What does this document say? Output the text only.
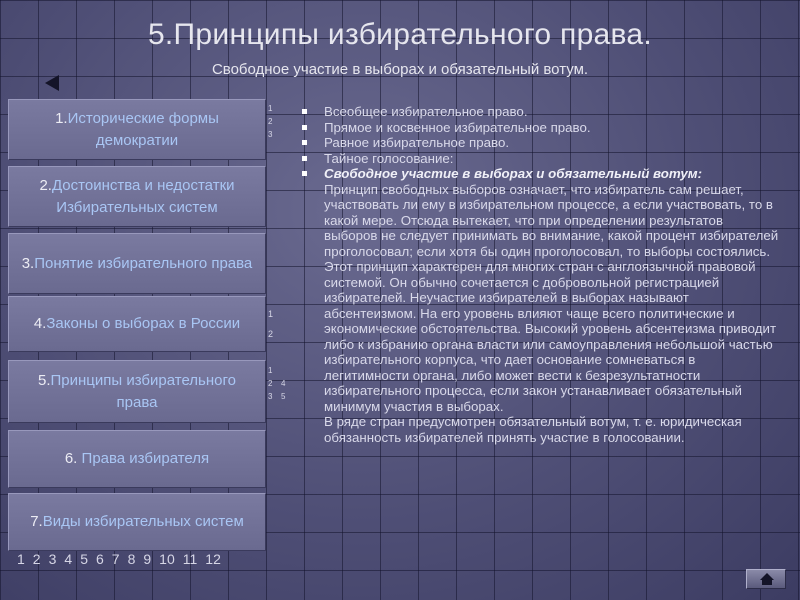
5.Принципы избирательного права.
Свободное участие в выборах и обязательный вотум.
1.Исторические формы демократии
2.Достоинства и недостатки Избирательных систем
3.Понятие избирательного права
4.Законы о выборах в России
5.Принципы избирательного права
6. Права избирателя
7.Виды избирательных систем
1
2
3
1
2
1
2
3
4
5
1 2 3 4 5 6 7 8 9 10 11 12
Всеобщее избирательное право.
Прямое и косвенное избирательное право.
Равное избирательное право.
Тайное голосование:
Свободное участие в выборах и обязательный вотум:

Принцип свободных выборов означает, что избиратель сам решает, участвовать ли ему в избирательном процессе, а если участвовать, то в какой мере. Отсюда вытекает, что при определении результатов выборов не следует принимать во внимание, какой процент избирателей проголосовал; если хотя бы один проголосовал, то выборы состоялись. Этот принцип характерен для многих стран с англоязычной правовой системой. Он обычно сочетается с добровольной регистрацией избирателей. Неучастие избирателей в выборах называют абсентеизмом. На его уровень влияют чаще всего политические и экономические обстоятельства. Высокий уровень абсентеизма приводит либо к избранию органа власти или самоуправления небольшой частью избирательного корпуса, что дает основание сомневаться в легитимности органа, либо может вести к безрезультатности избирательного процесса, если закон устанавливает обязательный минимум участия в выборах.

В ряде стран предусмотрен обязательный вотум, т. е. юридическая обязанность избирателей принять участие в голосовании.
